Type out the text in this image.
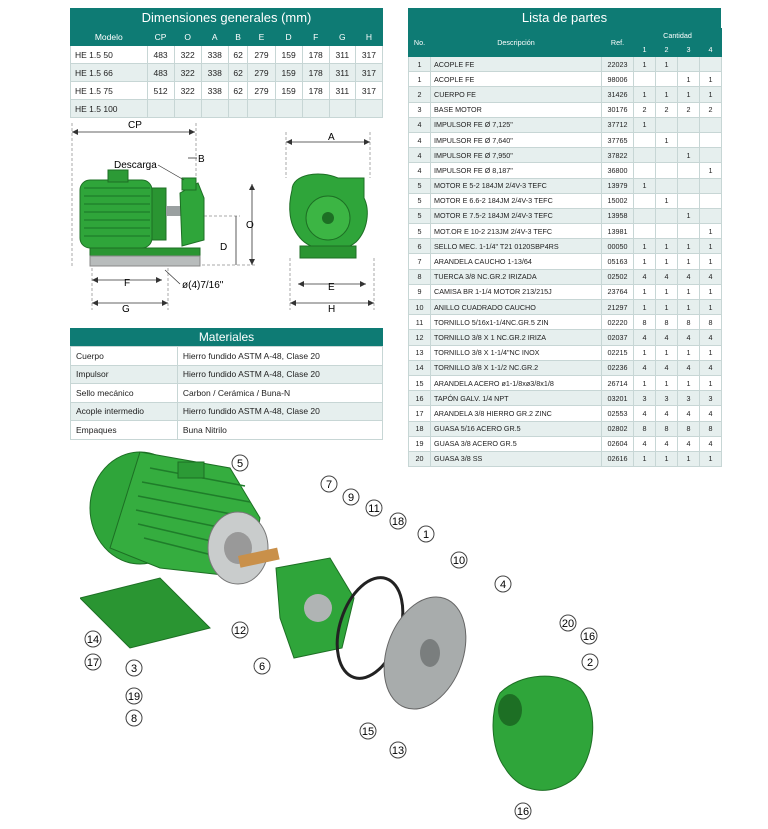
Dimensiones generales (mm)
Modelo	CP	O	A	B	E	D	F	G	H
HE 1.5 50	483	322	338	62	279	159	178	311	317
HE 1.5 66	483	322	338	62	279	159	178	311	317
HE 1.5 75	512	322	338	62	279	159	178	311	317
HE 1.5 100									
CP
B
Descarga
O
D
F
G
ø(4)7/16"
A
E
H
Materiales
Cuerpo	Hierro fundido ASTM A-48, Clase 20
Impulsor	Hierro fundido ASTM A-48, Clase 20
Sello mecánico	Carbon / Cerámica / Buna-N
Acople intermedio	Hierro fundido ASTM A-48, Clase 20
Empaques	Buna Nitrilo
Lista de partes
No.	Descripción	Ref.	Cantidad			
			1	2	3	4
1	ACOPLE FE	22023	1	1		
1	ACOPLE FE	98006			1	1
2	CUERPO FE	31426	1	1	1	1
3	BASE MOTOR	30176	2	2	2	2
4	IMPULSOR FE Ø 7,125"	37712	1			
4	IMPULSOR FE Ø 7,640"	37765		1		
4	IMPULSOR FE Ø 7,950"	37822			1	
4	IMPULSOR FE Ø 8,187"	36800				1
5	MOTOR E 5-2 184JM 2/4V-3 TEFC	13979	1			
5	MOTOR E 6.6-2 184JM 2/4V-3 TEFC	15002		1		
5	MOTOR E 7.5-2 184JM 2/4V-3 TEFC	13958			1	
5	MOT.OR E 10-2 213JM 2/4V-3 TEFC	13981				1
6	SELLO MEC. 1-1/4" T21 0120SBP4RS	00050	1	1	1	1
7	ARANDELA CAUCHO 1-13/64	05163	1	1	1	1
8	TUERCA 3/8 NC.GR.2 IRIZADA	02502	4	4	4	4
9	CAMISA BR 1-1/4 MOTOR 213/215J	23764	1	1	1	1
10	ANILLO CUADRADO CAUCHO	21297	1	1	1	1
11	TORNILLO 5/16x1-1/4NC.GR.5 ZIN	02220	8	8	8	8
12	TORNILLO 3/8 X 1 NC.GR.2 IRIZA	02037	4	4	4	4
13	TORNILLO 3/8 X 1-1/4"NC INOX	02215	1	1	1	1
14	TORNILLO 3/8 X 1-1/2 NC.GR.2	02236	4	4	4	4
15	ARANDELA ACERO ø1-1/8xø3/8x1/8	26714	1	1	1	1
16	TAPÓN GALV. 1/4 NPT	03201	3	3	3	3
17	ARANDELA 3/8 HIERRO GR.2 ZINC	02553	4	4	4	4
18	GUASA 5/16 ACERO GR.5	02802	8	8	8	8
19	GUASA 3/8 ACERO GR.5	02604	4	4	4	4
20	GUASA 3/8 SS	02616	1	1	1	1
5
7
9
11
18
1
10
4
20
16
2
14
17	3
19
8
12
6
15
13
16
